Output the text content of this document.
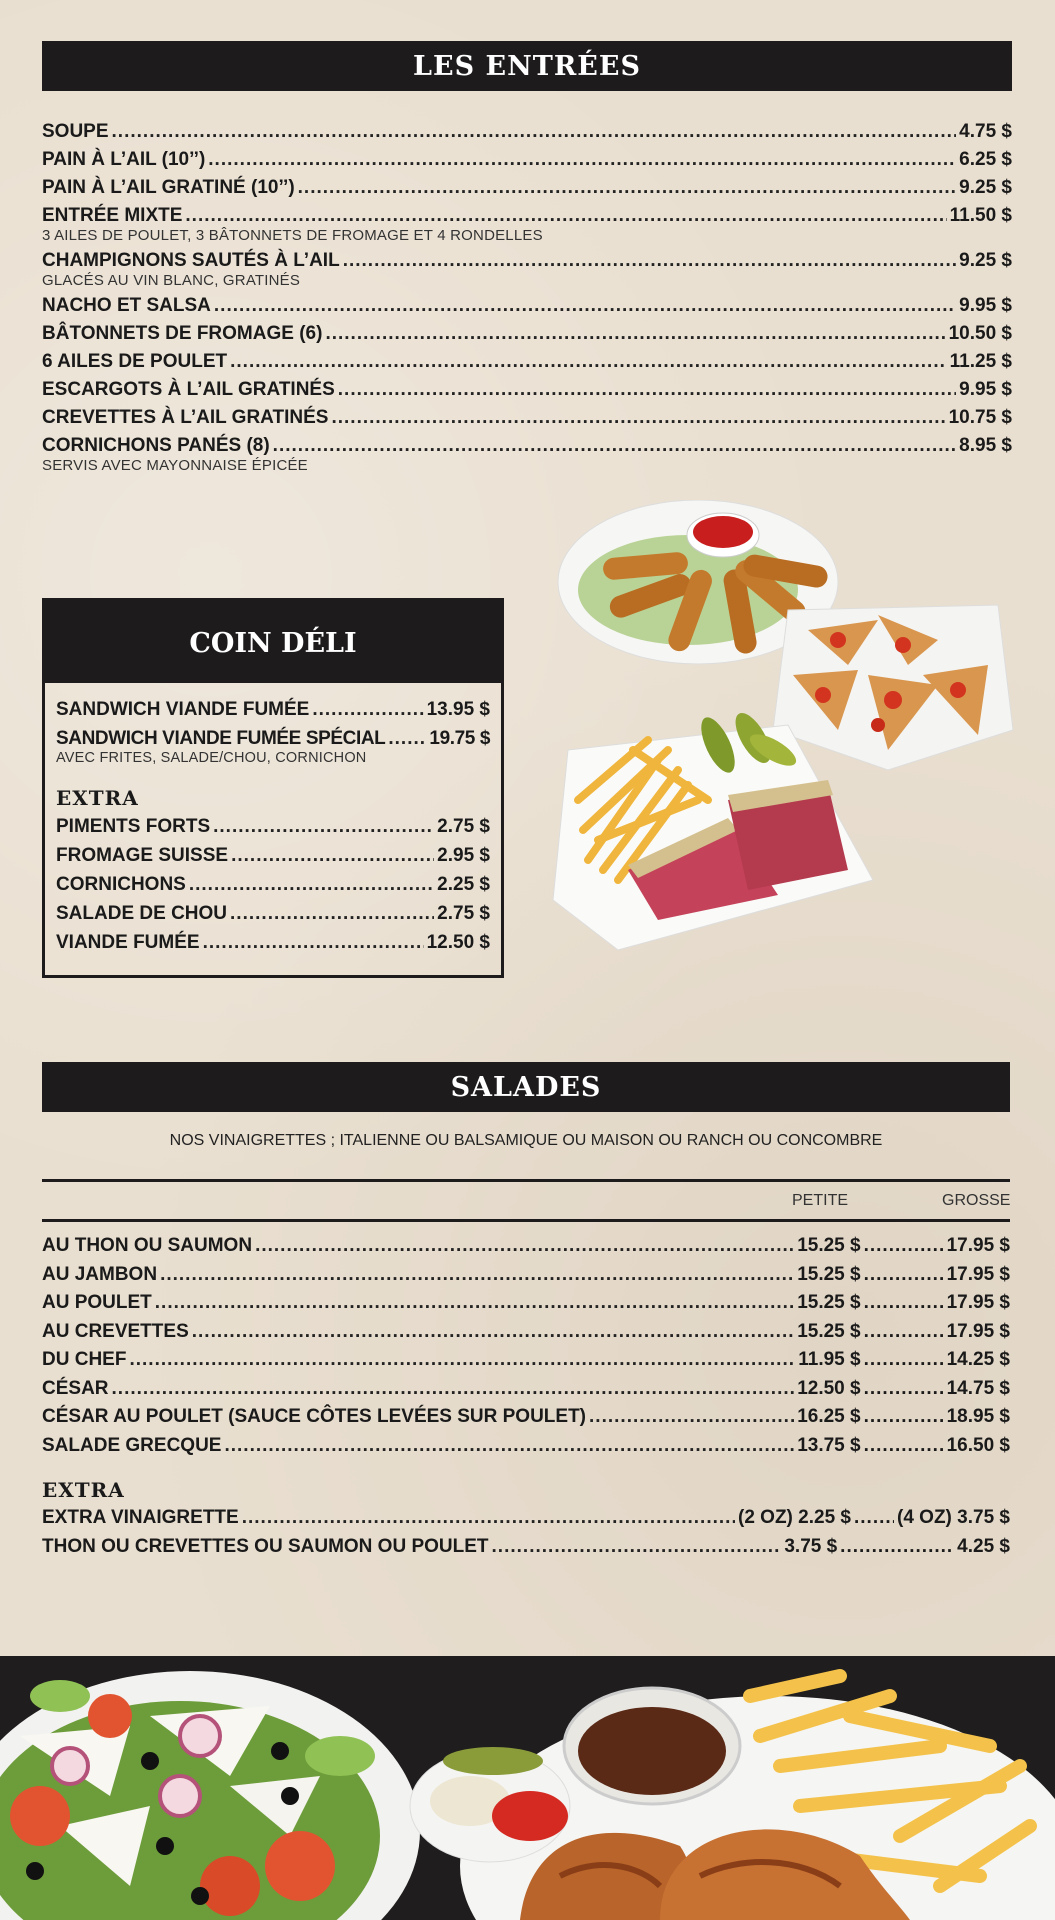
LES ENTRÉES
SOUPE .....	4.75 $
PAIN À L’AIL (10’’) .....	6.25 $
PAIN À L’AIL GRATINÉ (10’’) .....	9.25 $
ENTRÉE MIXTE .....	11.50 $
3 AILES DE POULET, 3 BÂTONNETS DE FROMAGE ET 4 RONDELLES
CHAMPIGNONS SAUTÉS À L’AIL .....	9.25 $
GLACÉS AU VIN BLANC, GRATINÉS
NACHO ET SALSA .....	9.95 $
BÂTONNETS DE FROMAGE (6) .....	10.50 $
6 AILES DE POULET .....	11.25 $
ESCARGOTS À L’AIL GRATINÉS .....	9.95 $
CREVETTES À L’AIL GRATINÉS .....	10.75 $
CORNICHONS PANÉS (8) .....	8.95 $
SERVIS AVEC MAYONNAISE ÉPICÉE
COIN DÉLI
SANDWICH VIANDE FUMÉE .....	13.95 $
SANDWICH VIANDE FUMÉE SPÉCIAL ..... 19.75 $
AVEC FRITES, SALADE/CHOU, CORNICHON
EXTRA
PIMENTS FORTS .....	2.75 $
FROMAGE SUISSE .....	2.95 $
CORNICHONS .....	2.25 $
SALADE DE CHOU .....	2.75 $
VIANDE FUMÉE .....	12.50 $
SALADES
NOS VINAIGRETTES ; ITALIENNE OU BALSAMIQUE OU MAISON OU RANCH OU CONCOMBRE
PETITE	GROSSE
AU THON OU SAUMON .....	15.25 $ .....	17.95 $
AU JAMBON .....	15.25 $ .....	17.95 $
AU POULET .....	15.25 $ .....	17.95 $
AU CREVETTES .....	15.25 $ .....	17.95 $
DU CHEF .....	11.95 $ .....	14.25 $
CÉSAR .....	12.50 $ .....	14.75 $
CÉSAR AU POULET (SAUCE CÔTES LEVÉES SUR POULET) .....	16.25 $ .....	18.95 $
SALADE GRECQUE .....	13.75 $ .....	16.50 $
EXTRA
EXTRA VINAIGRETTE .....	(2 OZ) 2.25 $ ..... (4 OZ) 3.75 $
THON OU CREVETTES OU SAUMON OU POULET .....	3.75 $ .....	4.25 $
